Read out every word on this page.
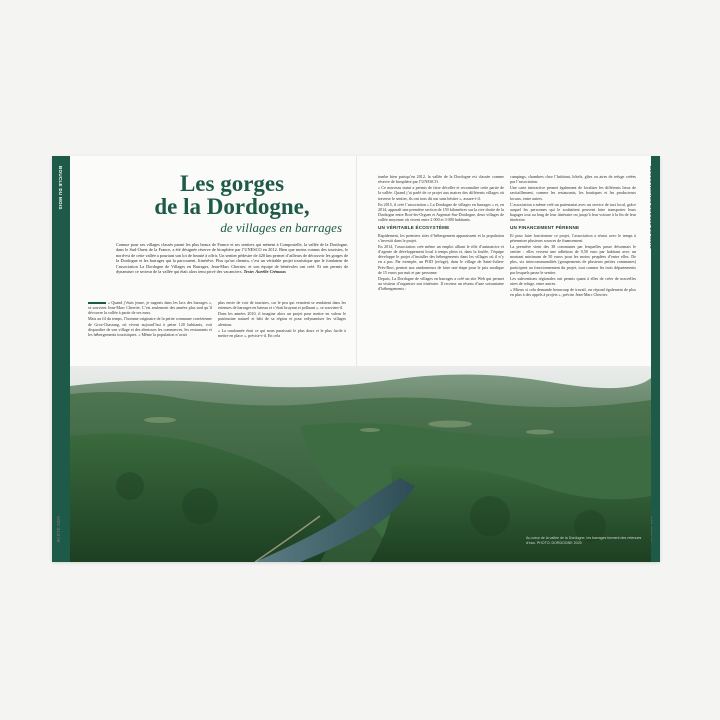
BOUCLE DU MOIS
80 ÉTÉ 2025
DÉCOUVERTES BOUCLE DU MOIS
Les gorges
de la Dordogne,
de villages en barrages
Connue pour ses villages classés parmi les plus beaux de France et ses sentiers qui mènent à Compostelle, la vallée de la Dordogne, dans le Sud-Ouest de la France, a été désignée réserve de biosphère par l’UNESCO en 2012. Bien que moins connus des touristes, le nord-est de cette vallée a pourtant son lot de beauté à offrir. Un sentier pédestre de 420 km permet d’ailleurs de découvrir les gorges de la Dordogne et les barrages qui la parcourent. Itinérêve. Plus qu’un chemin, c’est un véritable projet touristique que le fondateur de l’association La Dordogne de Villages en Barrages, Jean-Marc Cherrier, et son équipe de bénévoles ont créé. Et ont permis de dynamiser ce secteur de la vallée qui était alors tenu privé des vacanciers. Texte: Aurélie Crémaux

« Quand j’étais jeune, je nageais dans les lacs des barrages », se souvient Jean-Marc Cherrier. C’est seulement des années plus tard qu’il découvre la vallée à partir de ses eaux.

Mais au fil du temps, l’homme originaire de la petite commune corrézienne de Gros-Chastang, où vivent aujourd’hui à peine 120 habitants, voit disparaître de son village et des alentours les commerces, les restaurants et les hébergements touristiques. « Même la population n’avait

plus envie de voir de touristes, car le peu qui venaient se rendaient dans les retenues de barrages en bateau et c’était bruyant et polluant », se souvient-il.

Dans les années 2010, il imagine alors un projet pour mettre en valeur le patrimoine naturel et bâti de sa région et pour redynamiser les villages alentour.

« La randonnée était ce qui nous paraissait le plus doux et le plus facile à mettre en place », précise-t-il. En cela

tombe bien puisqu’en 2012, la vallée de la Dordogne est classée comme réserve de biosphère par l’UNESCO.

« Ce nouveau statut a permis de faire décoller et reconnaître cette partie de la vallée. Quand j’ai parlé de ce projet aux maires des différents villages où traverse le sentier, ils ont tous dit oui sans hésiter », assure-t-il.

En 2015, il crée l’association « La Dordogne de villages en barrages » et, en 2014, apparaît une première section de 150 kilomètres sur la rive droite de la Dordogne entre Bort-les-Orgues et Argentat-Sur-Dordogne, deux villages de vallée moyenne où vivent entre 2 000 et 3 000 habitants.

UN VÉRITABLE ÉCOSYSTÈME

Rapidement, les premiers sites d’hébergement apparaissent et la population s’investit dans le projet.

En 2014, l’association crée même un emploi alliant le rôle d’animatrice et d’agente de développement local à temps plein et, dans la foulée, l’équipe développe le projet d’installer des hébergements dans les villages où il n’y en a pas. Par exemple, un POD (refuge), dans le village de Saint-Julien-Près-Bort, permet aux randonneurs de faire une étape pour le prix modique de 15 euros par nuit et par personne.

Depuis, La Dordogne de villages en barrages a créé un site Web qui permet au visiteur d’organiser son itinéraire. Il recense un réseau d’une soixantaine d’hébergements :

campings, chambres chez l’habitant, hôtels, gîtes ou aires de refuge créées par l’association.

Une carte interactive permet également de localiser les différents lieux de ravitaillement, comme les restaurants, les boutiques et les producteurs locaux, entre autres.

L’association a même créé un partenariat avec un service de taxi local, grâce auquel les personnes qui le souhaitent peuvent faire transporter leurs bagages tout au long de leur itinéraire ou jusqu’à leur voiture à la fin de leur itinéraire.

UN FINANCEMENT PÉRENNE

Et pour faire fonctionner ce projet, l’association a réussi avec le temps à pérenniser plusieurs sources de financement.

La première vient des 38 communes par lesquelles passe désormais le sentier : elles versent une adhésion de 0,50 euro par habitant avec un montant minimum de 50 euros pour les moins peuplées d’entre elles. De plus, six intercommunalités (groupements de plusieurs petites communes) participent au fonctionnement du projet, tout comme les trois départements par lesquels passe le sentier.

Les subventions régionales ont permis quant à elles de créer de nouvelles aires de refuge, entre autres.

« Mieux si cela demande beaucoup de travail, on répond également de plus en plus à des appels à projets », précise Jean-Marc Cherrier.

Au cœur de la vallée de la Dordogne, les barrages forment des retenues d’eau. PHOTO: DORDOGNE 2025
